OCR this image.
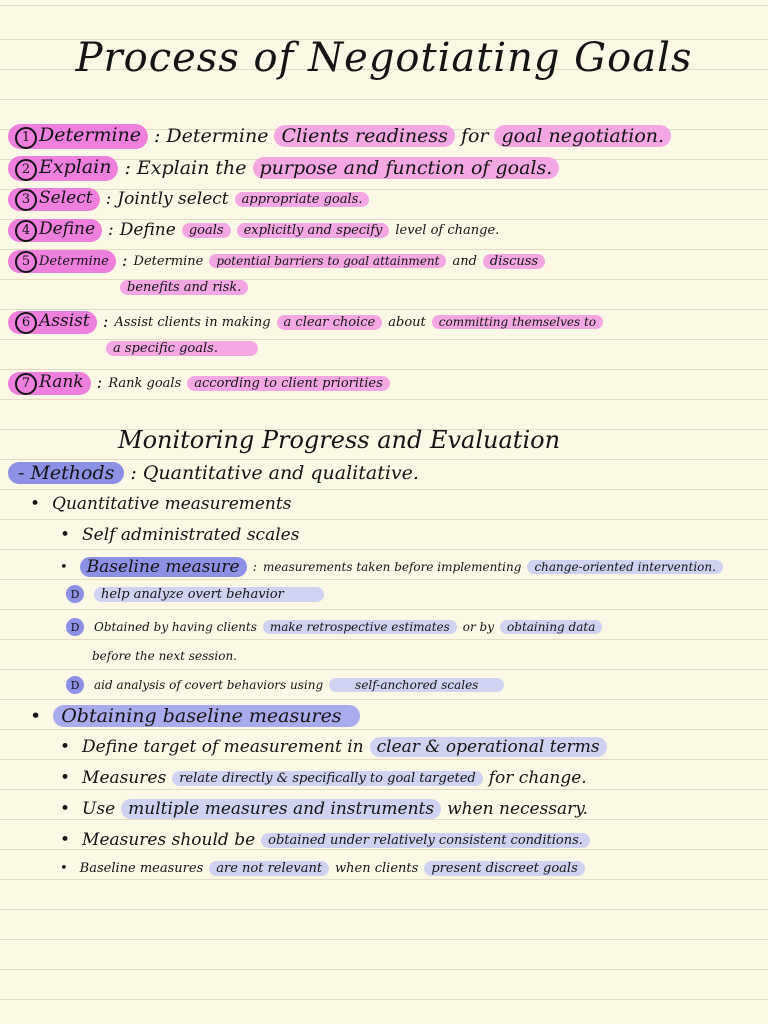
Process of Negotiating Goals
1 Determine : Determine Clients readiness for goal negotiation.
2 Explain : Explain the purpose and function of goals.
3 Select : Jointly select	appropriate goals.
4 Define : Define	goals	explicitly and specify	level of change.
5 Determine : Determine	potential barriers to goal attainment	and	discuss
benefits and risk.
6 Assist : Assist clients in making	a clear choice	about	committing themselves to
a specific goals.
7 Rank : Rank goals	according to client priorities
Monitoring Progress and Evaluation
- Methods : Quantitative and qualitative.
• Quantitative measurements
• Self administrated scales
•	Baseline measure	: measurements taken before implementing	change-oriented intervention.
D	help analyze overt behavior
D	Obtained by having clients	make retrospective estimates	or by	obtaining data
before the next session.
D	aid analysis of covert behaviors using	self-anchored scales
•	Obtaining baseline measures
• Define target of measurement in clear & operational terms
• Measures	relate directly & specifically to goal targeted for change.
• Use multiple measures and instruments when necessary.
• Measures should be	obtained under relatively consistent conditions.
• Baseline measures	are not relevant	when clients	present discreet goals
